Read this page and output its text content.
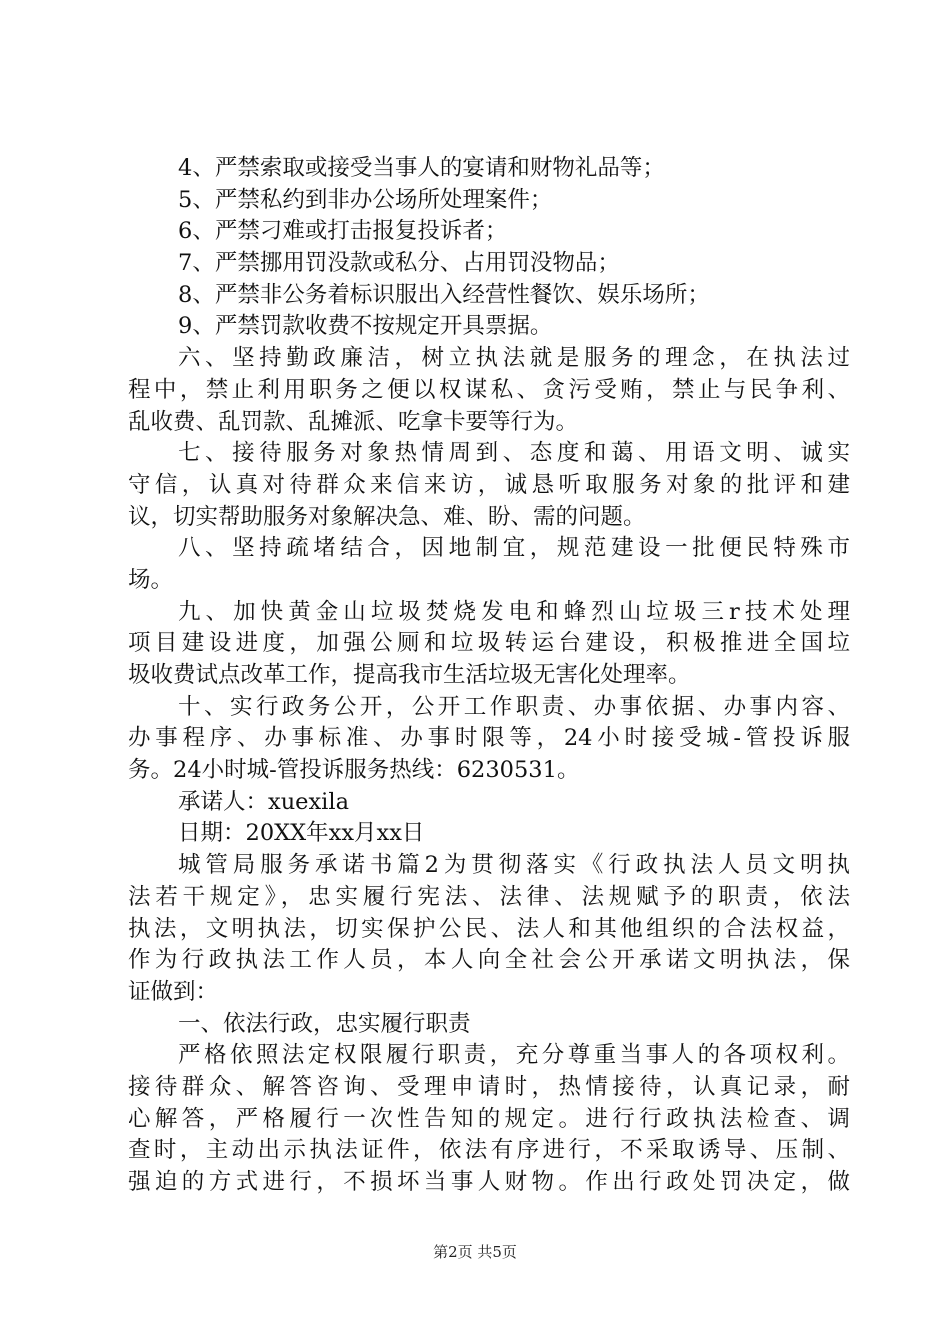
4、严禁索取或接受当事人的宴请和财物礼品等；
5、严禁私约到非办公场所处理案件；
6、严禁刁难或打击报复投诉者；
7、严禁挪用罚没款或私分、占用罚没物品；
8、严禁非公务着标识服出入经营性餐饮、娱乐场所；
9、严禁罚款收费不按规定开具票据。
六、坚持勤政廉洁，树立执法就是服务的理念，在执法过
程中，禁止利用职务之便以权谋私、贪污受贿，禁止与民争利、
乱收费、乱罚款、乱摊派、吃拿卡要等行为。
七、接待服务对象热情周到、态度和蔼、用语文明、诚实
守信，认真对待群众来信来访，诚恳听取服务对象的批评和建
议，切实帮助服务对象解决急、难、盼、需的问题。
八、坚持疏堵结合，因地制宜，规范建设一批便民特殊市
场。
九、加快黄金山垃圾焚烧发电和蜂烈山垃圾三r技术处理
项目建设进度，加强公厕和垃圾转运台建设，积极推进全国垃
圾收费试点改革工作，提高我市生活垃圾无害化处理率。
十、实行政务公开，公开工作职责、办事依据、办事内容、
办事程序、办事标准、办事时限等，24小时接受城-管投诉服
务。24小时城-管投诉服务热线：6230531。
承诺人：xuexila
日期：20XX年xx月xx日
城管局服务承诺书篇2为贯彻落实《行政执法人员文明执
法若干规定》，忠实履行宪法、法律、法规赋予的职责，依法
执法，文明执法，切实保护公民、法人和其他组织的合法权益，
作为行政执法工作人员，本人向全社会公开承诺文明执法，保
证做到：
一、依法行政，忠实履行职责
严格依照法定权限履行职责，充分尊重当事人的各项权利。
接待群众、解答咨询、受理申请时，热情接待，认真记录，耐
心解答，严格履行一次性告知的规定。进行行政执法检查、调
查时，主动出示执法证件，依法有序进行，不采取诱导、压制、
强迫的方式进行，不损坏当事人财物。作出行政处罚决定，做
第2页 共5页
